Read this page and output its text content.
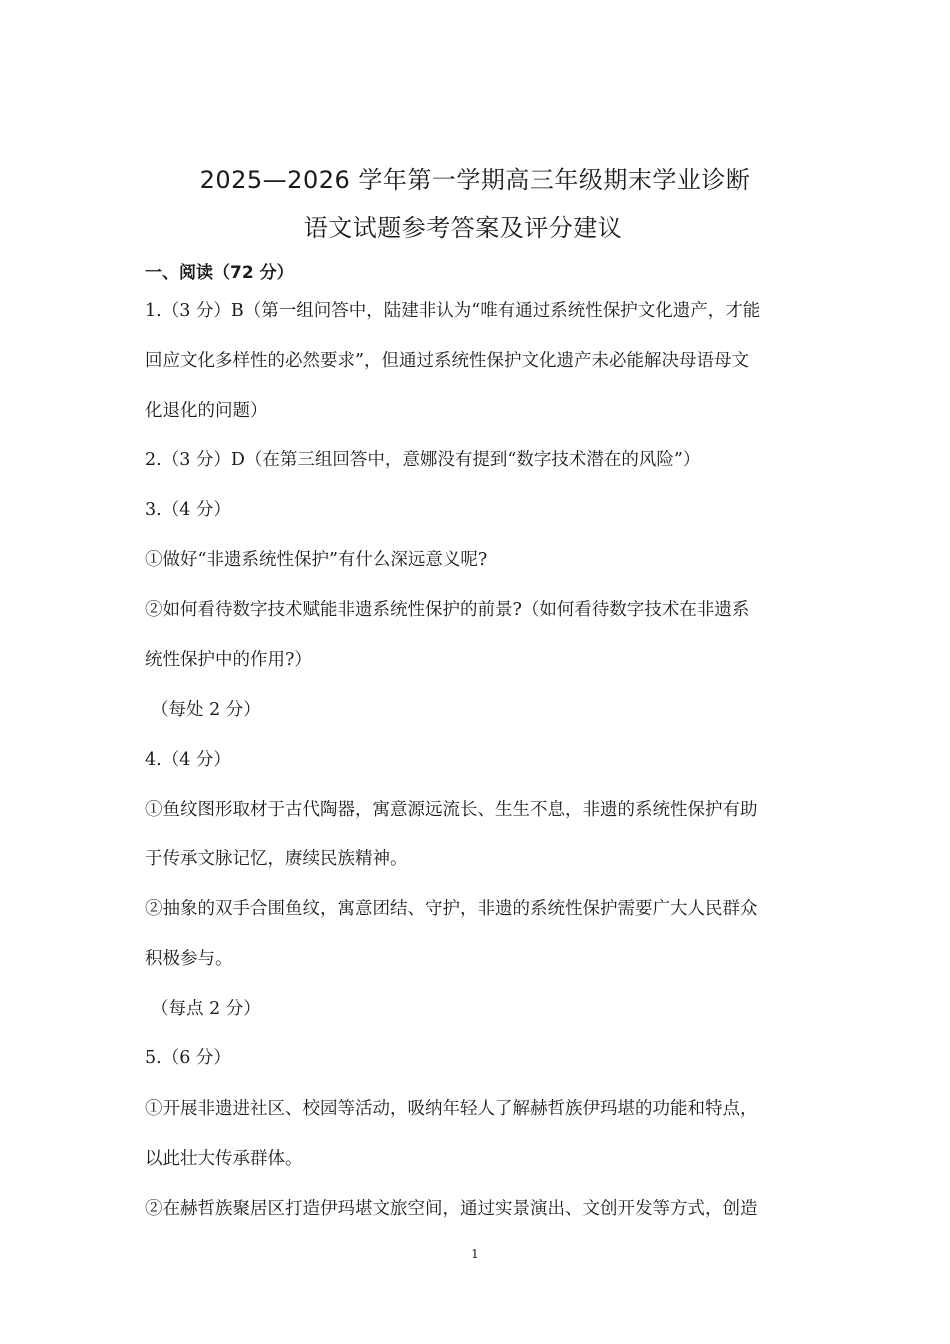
2025—2026 学年第一学期高三年级期末学业诊断
语文试题参考答案及评分建议
一、阅读（72 分）

1.（3 分）B（第一组问答中，陆建非认为“唯有通过系统性保护文化遗产，才能

回应文化多样性的必然要求”，但通过系统性保护文化遗产未必能解决母语母文

化退化的问题）

2.（3 分）D（在第三组回答中，意娜没有提到“数字技术潜在的风险”）

3.（4 分）

①做好“非遗系统性保护”有什么深远意义呢?

②如何看待数字技术赋能非遗系统性保护的前景?（如何看待数字技术在非遗系

统性保护中的作用?）

（每处 2 分）

4.（4 分）

①鱼纹图形取材于古代陶器，寓意源远流长、生生不息，非遗的系统性保护有助

于传承文脉记忆，赓续民族精神。

②抽象的双手合围鱼纹，寓意团结、守护，非遗的系统性保护需要广大人民群众

积极参与。

（每点 2 分）

5.（6 分）

①开展非遗进社区、校园等活动，吸纳年轻人了解赫哲族伊玛堪的功能和特点，

以此壮大传承群体。

②在赫哲族聚居区打造伊玛堪文旅空间，通过实景演出、文创开发等方式，创造

1
